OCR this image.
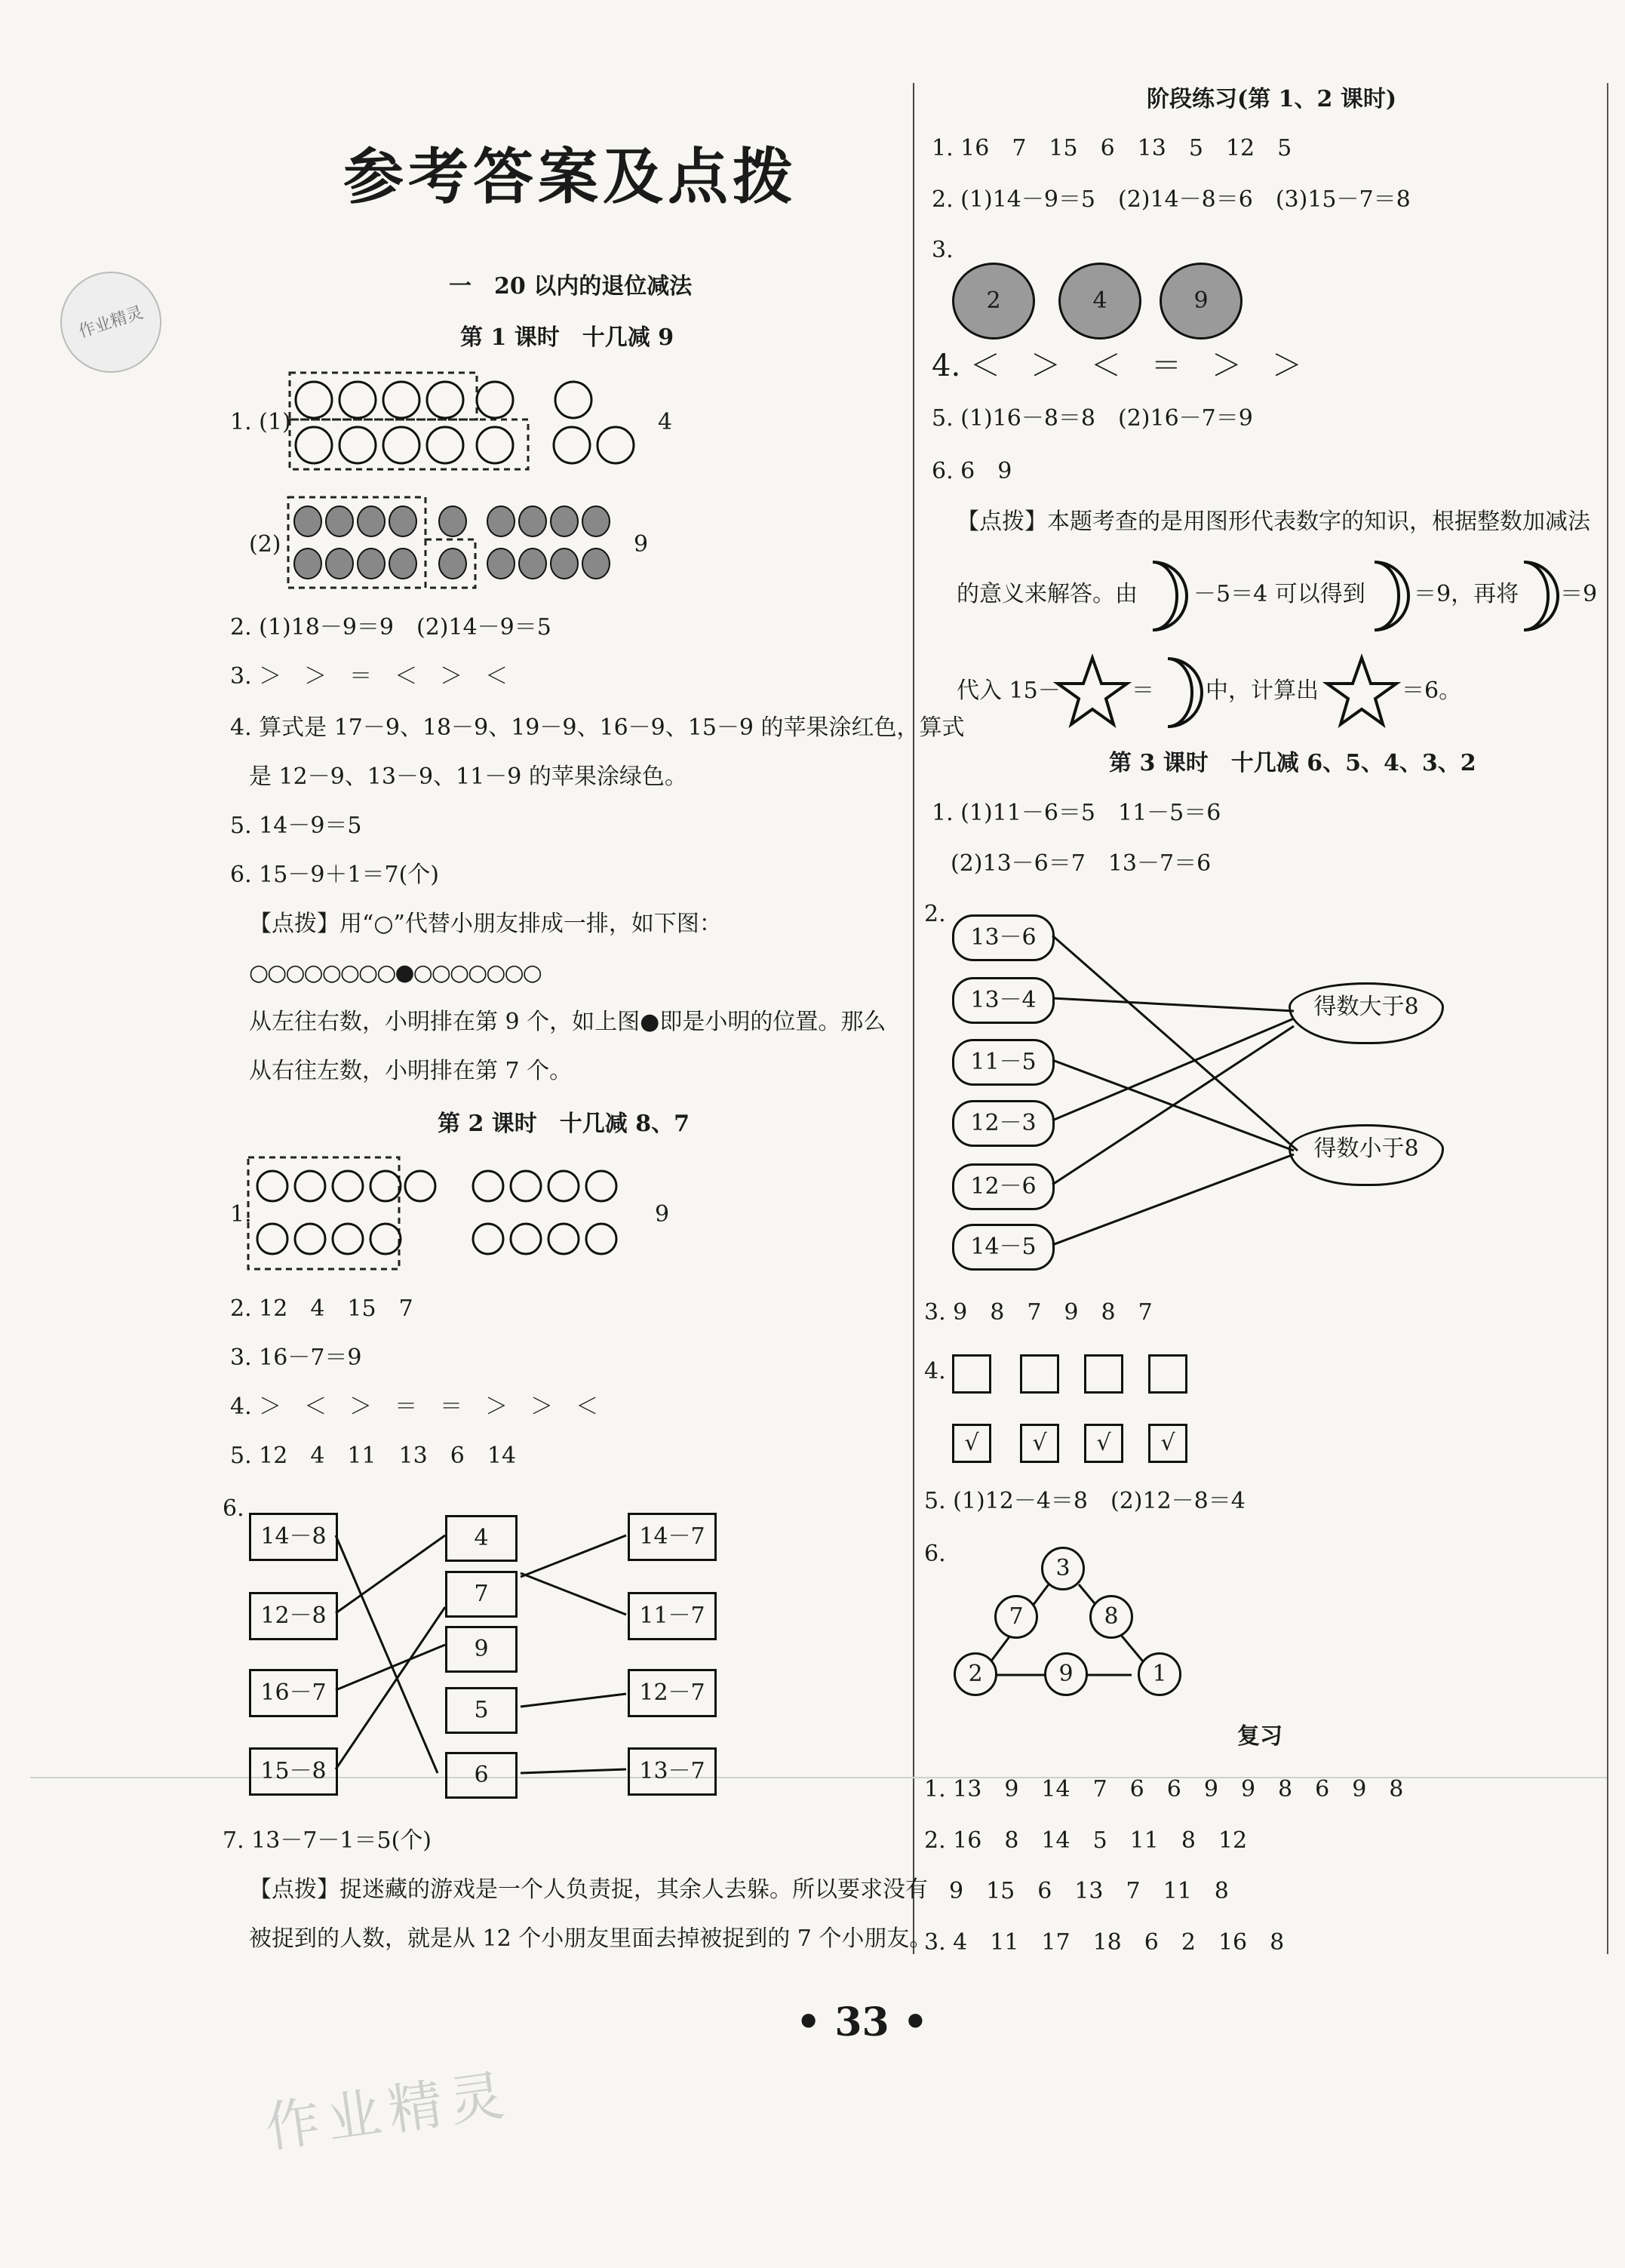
参考答案及点拨
作业精灵
一　20 以内的退位减法
第 1 课时　十几减 9
1. (1)	4
(2)	9
2. (1)18－9＝9　(2)14－9＝5
3. ＞　＞　＝　＜　＞　＜
4. 算式是 17－9、18－9、19－9、16－9、15－9 的苹果涂红色，算式
是 12－9、13－9、11－9 的苹果涂绿色。
5. 14－9＝5
6. 15－9＋1＝7(个)
【点拨】用“○”代替小朋友排成一排，如下图：
○○○○○○○○●○○○○○○○
从左往右数，小明排在第 9 个，如上图●即是小明的位置。那么
从右往左数，小明排在第 7 个。
第 2 课时　十几减 8、7
1.	9
2. 12　4　15　7
3. 16－7＝9
4. ＞　＜　＞　＝　＝　＞　＞　＜
5. 12　4　11　13　6　14
6.
14－8
12－8
16－7
15－8
4
7
9
5
6
14－7
11－7
12－7
13－7
7. 13－7－1＝5(个)
【点拨】捉迷藏的游戏是一个人负责捉，其余人去躲。所以要求没有
被捉到的人数，就是从 12 个小朋友里面去掉被捉到的 7 个小朋友。
阶段练习(第 1、2 课时)
1. 16　7　15　6　13　5　12　5
2. (1)14－9＝5　(2)14－8＝6　(3)15－7＝8
3.
2	4	9
4. ＜　＞　＜　＝　＞　＞
5. (1)16－8＝8　(2)16－7＝9
6. 6　9
【点拨】本题考查的是用图形代表数字的知识，根据整数加减法
的意义来解答。由 －5＝4 可以得到 ＝9，再将 ＝9
代入 15－	＝ 中，计算出	＝6。
第 3 课时　十几减 6、5、4、3、2
1. (1)11－6＝5　11－5＝6
(2)13－6＝7　13－7＝6
2.
13－6
13－4
11－5
12－3
12－6
14－5
得数大于8
得数小于8
3. 9　8　7　9　8　7
4.
√	√	√	√
5. (1)12－4＝8　(2)12－8＝4
6.
3
7	8
2	9	1
复习
1. 13　9　14　7　6　6　9　9　8　6　9　8
2. 16　8　14　5　11　8　12
9　15　6　13　7　11　8
3. 4　11　17　18　6　2　16　8
• 33 •
作业精灵
